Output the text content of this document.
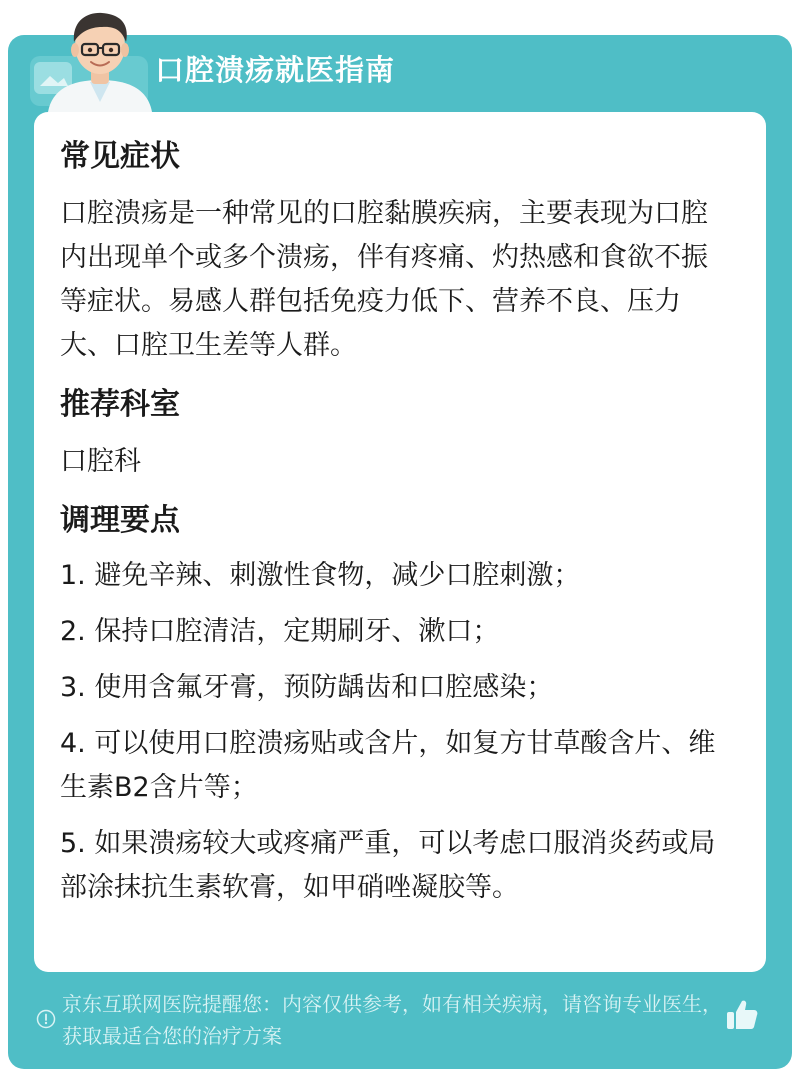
口腔溃疡就医指南
常见症状

口腔溃疡是一种常见的口腔黏膜疾病，主要表现为口腔内出现单个或多个溃疡，伴有疼痛、灼热感和食欲不振等症状。易感人群包括免疫力低下、营养不良、压力大、口腔卫生差等人群。

推荐科室

口腔科

调理要点

1. 避免辛辣、刺激性食物，减少口腔刺激；

2. 保持口腔清洁，定期刷牙、漱口；

3. 使用含氟牙膏，预防龋齿和口腔感染；

4. 可以使用口腔溃疡贴或含片，如复方甘草酸含片、维生素B2含片等；

5. 如果溃疡较大或疼痛严重，可以考虑口服消炎药或局部涂抹抗生素软膏，如甲硝唑凝胶等。

京东互联网医院提醒您：内容仅供参考，如有相关疾病，请咨询专业医生，获取最适合您的治疗方案
